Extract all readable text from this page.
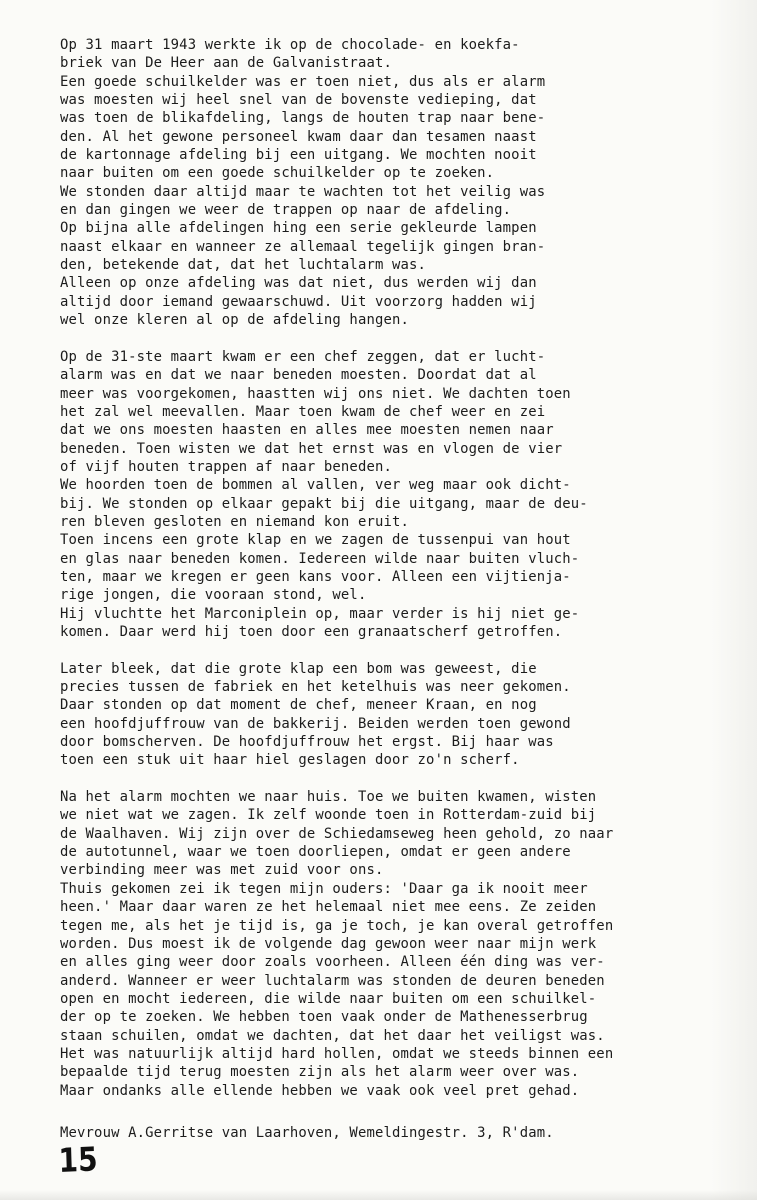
Op 31 maart 1943 werkte ik op de chocolade- en koekfa-
briek van De Heer aan de Galvanistraat.
Een goede schuilkelder was er toen niet, dus als er alarm
was moesten wij heel snel van de bovenste vedieping, dat
was toen de blikafdeling, langs de houten trap naar bene-
den. Al het gewone personeel kwam daar dan tesamen naast
de kartonnage afdeling bij een uitgang. We mochten nooit
naar buiten om een goede schuilkelder op te zoeken.
We stonden daar altijd maar te wachten tot het veilig was
en dan gingen we weer de trappen op naar de afdeling.
Op bijna alle afdelingen hing een serie gekleurde lampen
naast elkaar en wanneer ze allemaal tegelijk gingen bran-
den, betekende dat, dat het luchtalarm was.
Alleen op onze afdeling was dat niet, dus werden wij dan
altijd door iemand gewaarschuwd. Uit voorzorg hadden wij
wel onze kleren al op de afdeling hangen.
Op de 31-ste maart kwam er een chef zeggen, dat er lucht-
alarm was en dat we naar beneden moesten. Doordat dat al
meer was voorgekomen, haastten wij ons niet. We dachten toen
het zal wel meevallen. Maar toen kwam de chef weer en zei
dat we ons moesten haasten en alles mee moesten nemen naar
beneden. Toen wisten we dat het ernst was en vlogen de vier
of vijf houten trappen af naar beneden.
We hoorden toen de bommen al vallen, ver weg maar ook dicht-
bij. We stonden op elkaar gepakt bij die uitgang, maar de deu-
ren bleven gesloten en niemand kon eruit.
Toen incens een grote klap en we zagen de tussenpui van hout
en glas naar beneden komen. Iedereen wilde naar buiten vluch-
ten, maar we kregen er geen kans voor. Alleen een vijtienja-
rige jongen, die vooraan stond, wel.
Hij vluchtte het Marconiplein op, maar verder is hij niet ge-
komen. Daar werd hij toen door een granaatscherf getroffen.
Later bleek, dat die grote klap een bom was geweest, die
precies tussen de fabriek en het ketelhuis was neer gekomen.
Daar stonden op dat moment de chef, meneer Kraan, en nog
een hoofdjuffrouw van de bakkerij. Beiden werden toen gewond
door bomscherven. De hoofdjuffrouw het ergst. Bij haar was
toen een stuk uit haar hiel geslagen door zo'n scherf.
Na het alarm mochten we naar huis. Toe we buiten kwamen, wisten
we niet wat we zagen. Ik zelf woonde toen in Rotterdam-zuid bij
de Waalhaven. Wij zijn over de Schiedamseweg heen gehold, zo naar
de autotunnel, waar we toen doorliepen, omdat er geen andere
verbinding meer was met zuid voor ons.
Thuis gekomen zei ik tegen mijn ouders: 'Daar ga ik nooit meer
heen.' Maar daar waren ze het helemaal niet mee eens. Ze zeiden
tegen me, als het je tijd is, ga je toch, je kan overal getroffen
worden. Dus moest ik de volgende dag gewoon weer naar mijn werk
en alles ging weer door zoals voorheen. Alleen één ding was ver-
anderd. Wanneer er weer luchtalarm was stonden de deuren beneden
open en mocht iedereen, die wilde naar buiten om een schuilkel-
der op te zoeken. We hebben toen vaak onder de Mathenesserbrug
staan schuilen, omdat we dachten, dat het daar het veiligst was.
Het was natuurlijk altijd hard hollen, omdat we steeds binnen een
bepaalde tijd terug moesten zijn als het alarm weer over was.
Maar ondanks alle ellende hebben we vaak ook veel pret gehad.
Mevrouw A.Gerritse van Laarhoven, Wemeldingestr. 3, R'dam.
15
